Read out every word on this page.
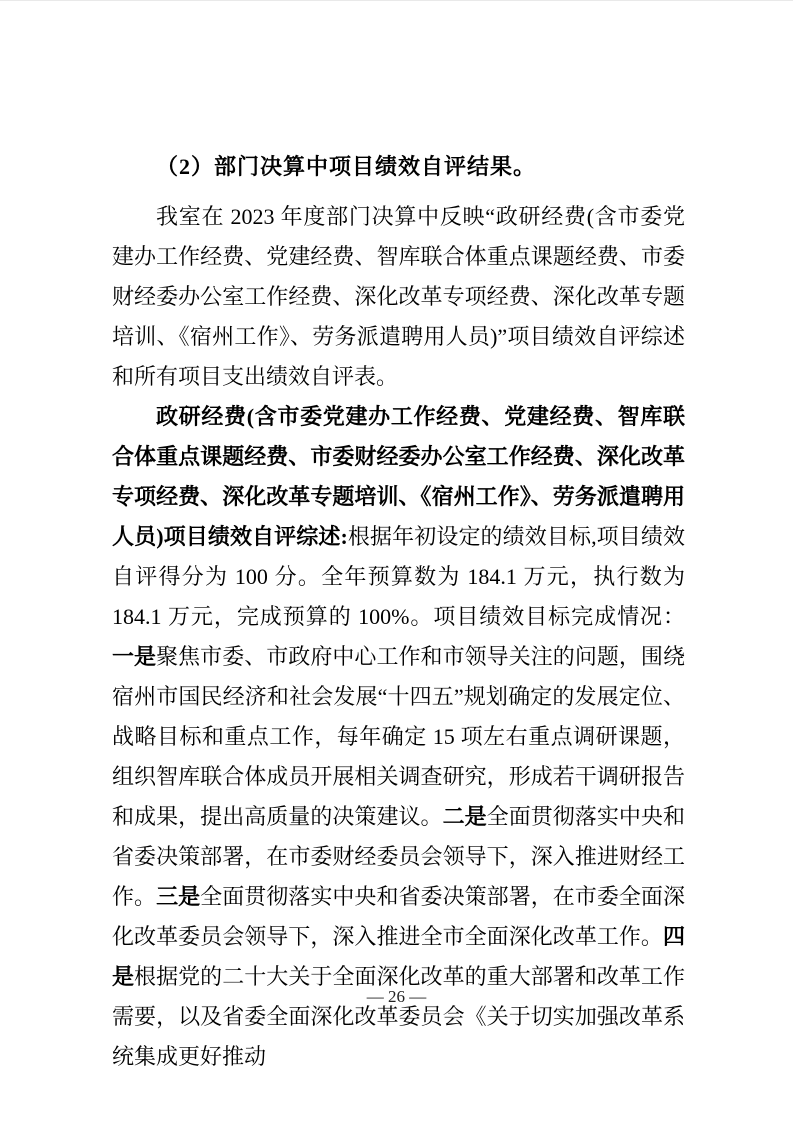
（2）部门决算中项目绩效自评结果。

我室在 2023 年度部门决算中反映“政研经费(含市委党建办工作经费、党建经费、智库联合体重点课题经费、市委财经委办公室工作经费、深化改革专项经费、深化改革专题培训、《宿州工作》、劳务派遣聘用人员)”项目绩效自评综述和所有项目支出绩效自评表。

政研经费(含市委党建办工作经费、党建经费、智库联合体重点课题经费、市委财经委办公室工作经费、深化改革专项经费、深化改革专题培训、《宿州工作》、劳务派遣聘用人员)项目绩效自评综述:根据年初设定的绩效目标,项目绩效自评得分为 100 分。全年预算数为 184.1 万元，执行数为 184.1 万元，完成预算的 100%。项目绩效目标完成情况：一是聚焦市委、市政府中心工作和市领导关注的问题，围绕宿州市国民经济和社会发展“十四五”规划确定的发展定位、战略目标和重点工作，每年确定 15 项左右重点调研课题，组织智库联合体成员开展相关调查研究，形成若干调研报告和成果，提出高质量的决策建议。二是全面贯彻落实中央和省委决策部署，在市委财经委员会领导下，深入推进财经工作。三是全面贯彻落实中央和省委决策部署，在市委全面深化改革委员会领导下，深入推进全市全面深化改革工作。四是根据党的二十大关于全面深化改革的重大部署和改革工作需要，以及省委全面深化改革委员会《关于切实加强改革系统集成更好推动

— 26 —
